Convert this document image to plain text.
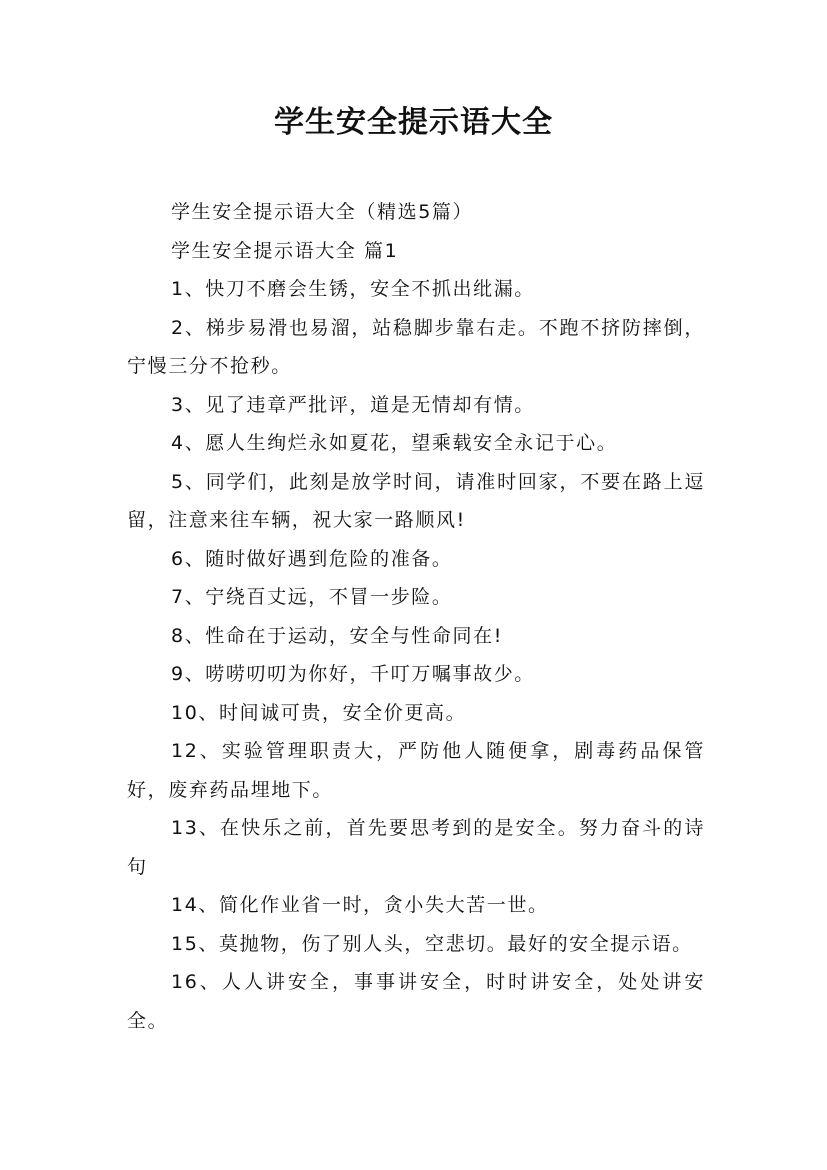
学生安全提示语大全

学生安全提示语大全（精选5篇）

学生安全提示语大全 篇1

1、快刀不磨会生锈，安全不抓出纰漏。

2、梯步易滑也易溜，站稳脚步靠右走。不跑不挤防摔倒，宁慢三分不抢秒。

3、见了违章严批评，道是无情却有情。

4、愿人生绚烂永如夏花，望乘载安全永记于心。

5、同学们，此刻是放学时间，请准时回家，不要在路上逗留，注意来往车辆，祝大家一路顺风!

6、随时做好遇到危险的准备。

7、宁绕百丈远，不冒一步险。

8、性命在于运动，安全与性命同在!

9、唠唠叨叨为你好，千叮万嘱事故少。

10、时间诚可贵，安全价更高。

12、实验管理职责大，严防他人随便拿，剧毒药品保管好，废弃药品埋地下。

13、在快乐之前，首先要思考到的是安全。努力奋斗的诗句

14、简化作业省一时，贪小失大苦一世。

15、莫抛物，伤了别人头，空悲切。最好的安全提示语。

16、人人讲安全，事事讲安全，时时讲安全，处处讲安全。
